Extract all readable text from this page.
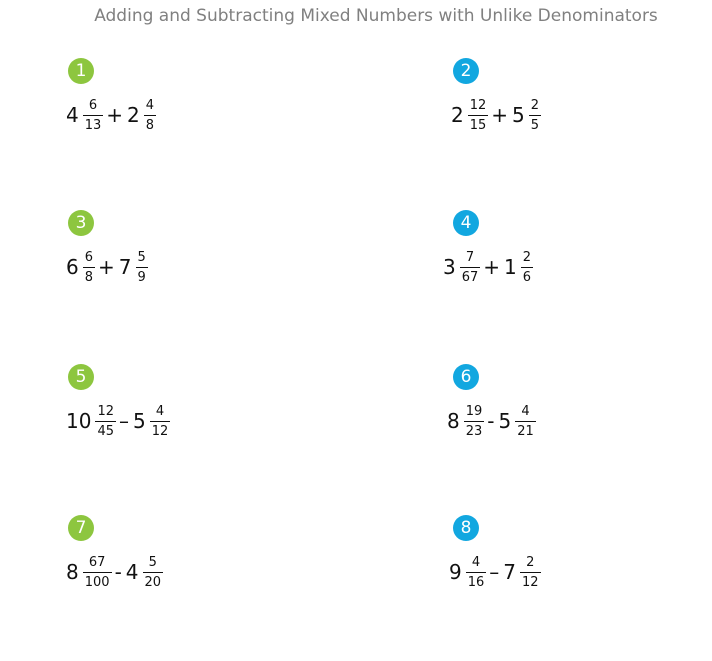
Adding and Subtracting Mixed Numbers with Unlike Denominators
1
$4 \frac{6}{13} + 2 \frac{4}{8}$
2
$2 \frac{12}{15} + 5 \frac{2}{5}$
3
$6 \frac{6}{8} + 7 \frac{5}{9}$
4
$3 \frac{7}{67} + 1 \frac{2}{6}$
5
$10 \frac{12}{45} - 5 \frac{4}{12}$
6
$8 \frac{19}{23} - 5 \frac{4}{21}$
7
$8 \frac{67}{100} - 4 \frac{5}{20}$
8
$9 \frac{4}{16} - 7 \frac{2}{12}$
